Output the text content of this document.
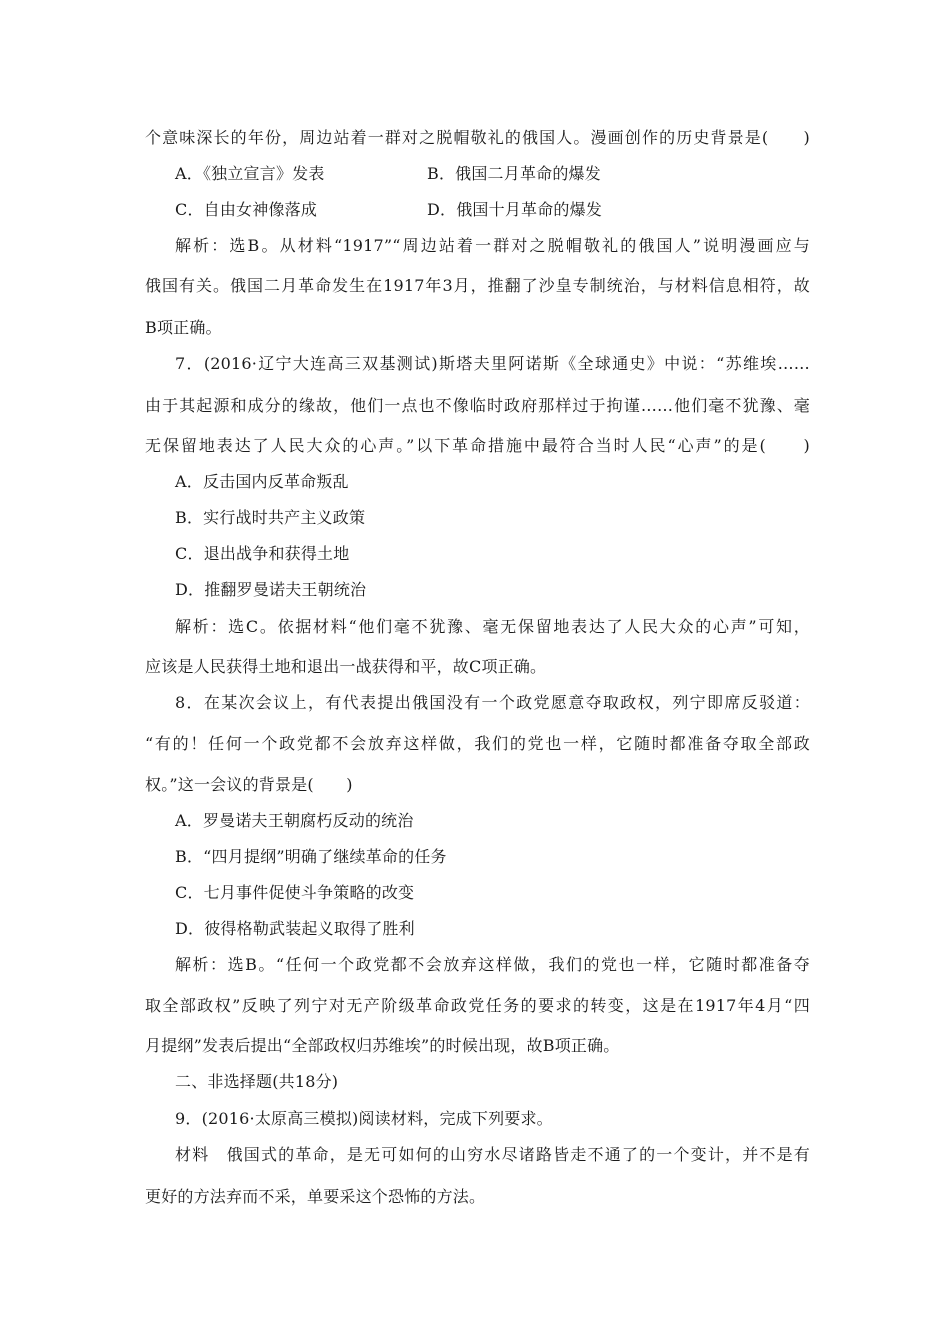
个意味深长的年份，周边站着一群对之脱帽敬礼的俄国人。漫画创作的历史背景是(　　)
A．《独立宣言》发表	B．俄国二月革命的爆发
C．自由女神像落成	D．俄国十月革命的爆发
解析：选B。从材料“1917”“周边站着一群对之脱帽敬礼的俄国人”说明漫画应与
俄国有关。俄国二月革命发生在1917年3月，推翻了沙皇专制统治，与材料信息相符，故
B项正确。
7．(2016·辽宁大连高三双基测试)斯塔夫里阿诺斯《全球通史》中说：“苏维埃……
由于其起源和成分的缘故，他们一点也不像临时政府那样过于拘谨……他们毫不犹豫、毫
无保留地表达了人民大众的心声。”以下革命措施中最符合当时人民“心声”的是(　　)
A．反击国内反革命叛乱
B．实行战时共产主义政策
C．退出战争和获得土地
D．推翻罗曼诺夫王朝统治
解析：选C。依据材料“他们毫不犹豫、毫无保留地表达了人民大众的心声”可知，
应该是人民获得土地和退出一战获得和平，故C项正确。
8．在某次会议上，有代表提出俄国没有一个政党愿意夺取政权，列宁即席反驳道：
“有的！任何一个政党都不会放弃这样做，我们的党也一样，它随时都准备夺取全部政
权。”这一会议的背景是(　　)
A．罗曼诺夫王朝腐朽反动的统治
B．“四月提纲”明确了继续革命的任务
C．七月事件促使斗争策略的改变
D．彼得格勒武装起义取得了胜利
解析：选B。“任何一个政党都不会放弃这样做，我们的党也一样，它随时都准备夺
取全部政权”反映了列宁对无产阶级革命政党任务的要求的转变，这是在1917年4月“四
月提纲”发表后提出“全部政权归苏维埃”的时候出现，故B项正确。
二、非选择题(共18分)
9．(2016·太原高三模拟)阅读材料，完成下列要求。
材料　俄国式的革命，是无可如何的山穷水尽诸路皆走不通了的一个变计，并不是有
更好的方法弃而不采，单要采这个恐怖的方法。
